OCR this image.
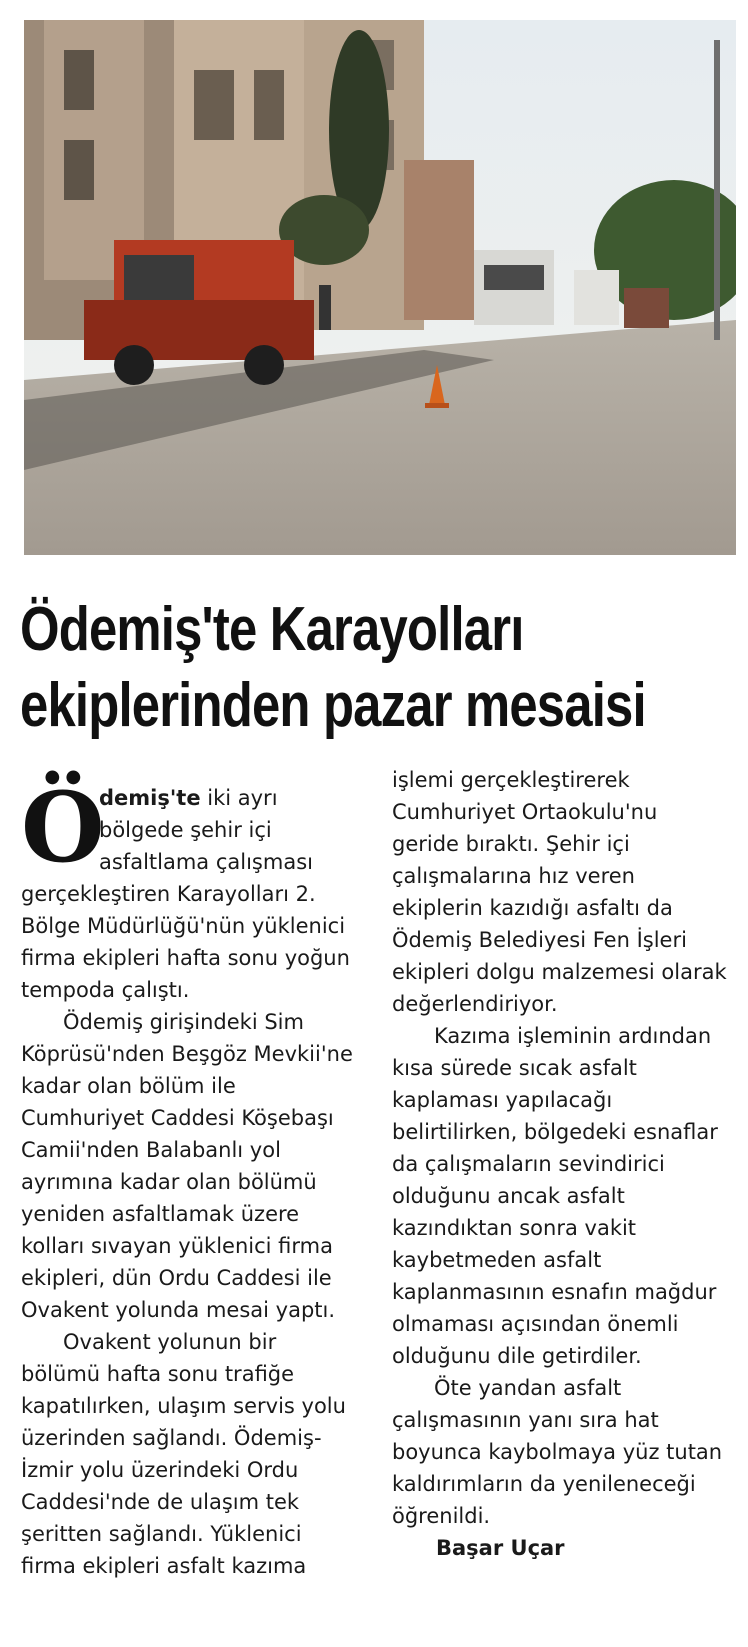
Ödemiş'te Karayolları
ekiplerinden pazar mesaisi
Ö
demiş'te iki ayrı
bölgede şehir içi
asfaltlama çalışması
gerçekleştiren Karayolları 2.
Bölge Müdürlüğü'nün yüklenici
firma ekipleri hafta sonu yoğun
tempoda çalıştı.
Ödemiş girişindeki Sim
Köprüsü'nden Beşgöz Mevkii'ne
kadar olan bölüm ile
Cumhuriyet Caddesi Köşebaşı
Camii'nden Balabanlı yol
ayrımına kadar olan bölümü
yeniden asfaltlamak üzere
kolları sıvayan yüklenici firma
ekipleri, dün Ordu Caddesi ile
Ovakent yolunda mesai yaptı.
Ovakent yolunun bir
bölümü hafta sonu trafiğe
kapatılırken, ulaşım servis yolu
üzerinden sağlandı. Ödemiş-
İzmir yolu üzerindeki Ordu
Caddesi'nde de ulaşım tek
şeritten sağlandı. Yüklenici
firma ekipleri asfalt kazıma
işlemi gerçekleştirerek
Cumhuriyet Ortaokulu'nu
geride bıraktı. Şehir içi
çalışmalarına hız veren
ekiplerin kazıdığı asfaltı da
Ödemiş Belediyesi Fen İşleri
ekipleri dolgu malzemesi olarak
değerlendiriyor.
Kazıma işleminin ardından
kısa sürede sıcak asfalt
kaplaması yapılacağı
belirtilirken, bölgedeki esnaflar
da çalışmaların sevindirici
olduğunu ancak asfalt
kazındıktan sonra vakit
kaybetmeden asfalt
kaplanmasının esnafın mağdur
olmaması açısından önemli
olduğunu dile getirdiler.
Öte yandan asfalt
çalışmasının yanı sıra hat
boyunca kaybolmaya yüz tutan
kaldırımların da yenileneceği
öğrenildi.
Başar Uçar
